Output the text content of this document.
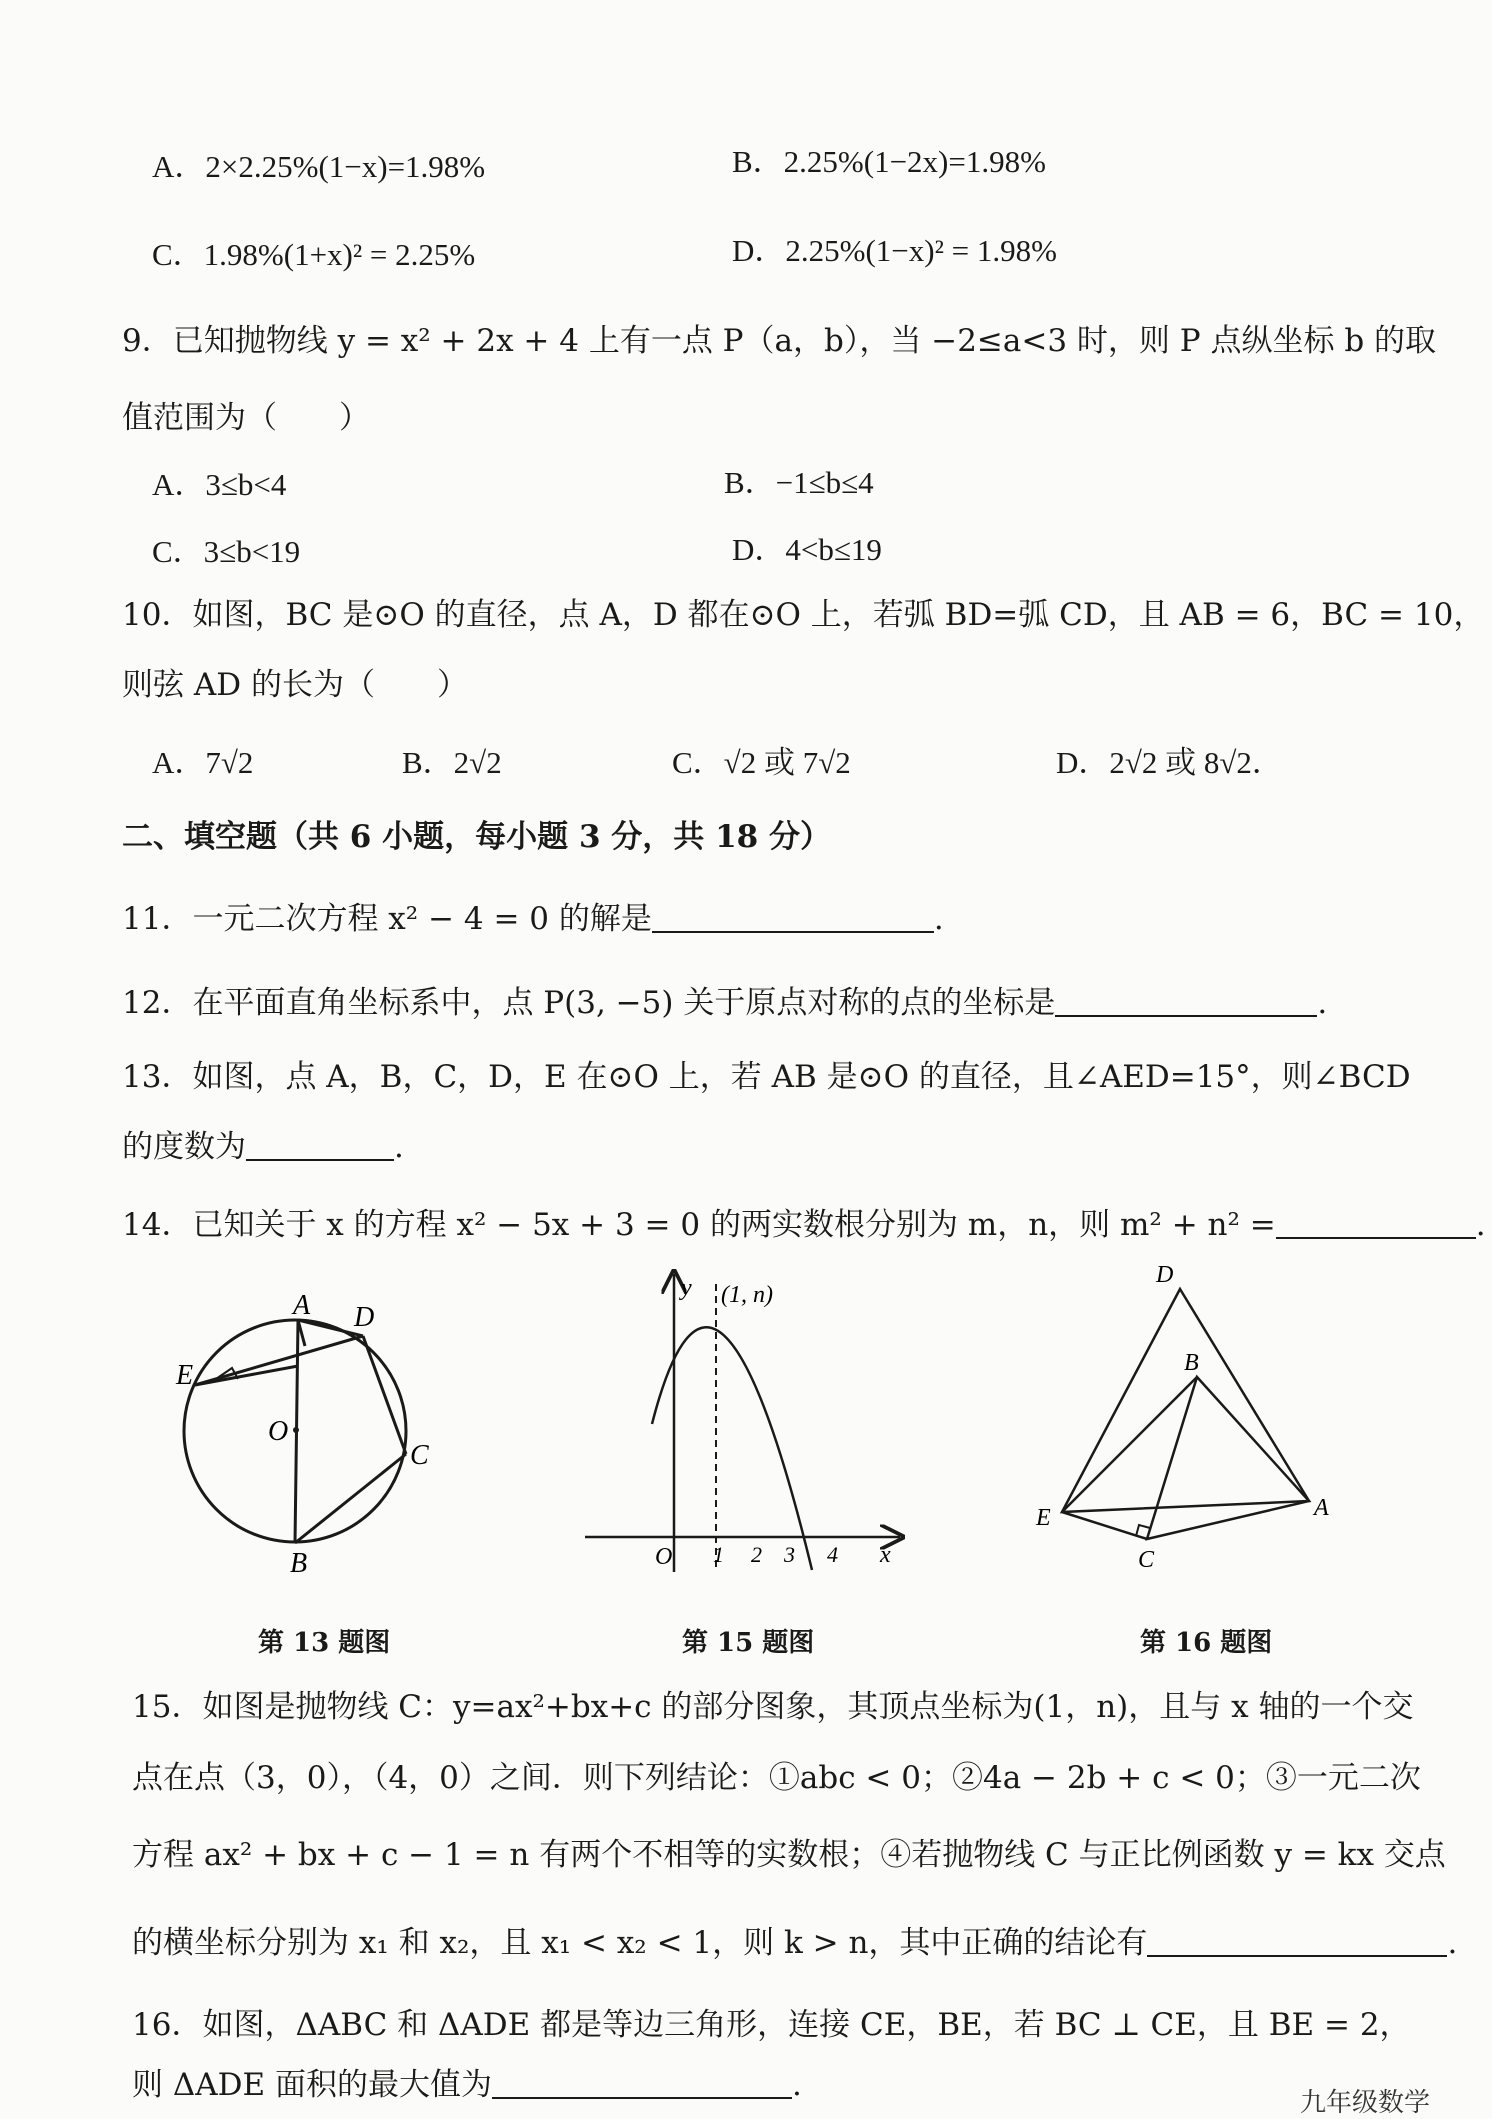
A．2×2.25%(1−x)=1.98%	B．2.25%(1−2x)=1.98%
C．1.98%(1+x)² = 2.25%	D．2.25%(1−x)² = 1.98%
9．已知抛物线 y = x² + 2x + 4 上有一点 P（a，b），当 −2≤a<3 时，则 P 点纵坐标 b 的取
值范围为（　　）
A．3≤b<4	B．−1≤b≤4
C．3≤b<19	D．4<b≤19
10．如图，BC 是⊙O 的直径，点 A，D 都在⊙O 上，若弧 BD=弧 CD，且 AB = 6，BC = 10，
则弦 AD 的长为（　　）
A．7√2	B．2√2	C．√2 或 7√2	D．2√2 或 8√2．
二、填空题（共 6 小题，每小题 3 分，共 18 分）
11．一元二次方程 x² − 4 = 0 的解是	.
12．在平面直角坐标系中，点 P(3, −5) 关于原点对称的点的坐标是	.
13．如图，点 A，B，C，D，E 在⊙O 上，若 AB 是⊙O 的直径，且∠AED=15°，则∠BCD
的度数为	.
14．已知关于 x 的方程 x² − 5x + 3 = 0 的两实数根分别为 m，n，则 m² + n² =	.
A D
E
O
C
B
第 13 题图
y (1, n)
O 1 2 3 4 x
第 15 题图
D
B
E	A
C
第 16 题图
15．如图是抛物线 C：y=ax²+bx+c 的部分图象，其顶点坐标为(1，n)，且与 x 轴的一个交
点在点（3，0），（4，0）之间．则下列结论：①abc < 0；②4a − 2b + c < 0；③一元二次
方程 ax² + bx + c − 1 = n 有两个不相等的实数根；④若抛物线 C 与正比例函数 y = kx 交点
的横坐标分别为 x₁ 和 x₂，且 x₁ < x₂ < 1，则 k > n，其中正确的结论有	.
16．如图，ΔABC 和 ΔADE 都是等边三角形，连接 CE，BE，若 BC ⊥ CE，且 BE = 2，
则 ΔADE 面积的最大值为	.	九年级数学
